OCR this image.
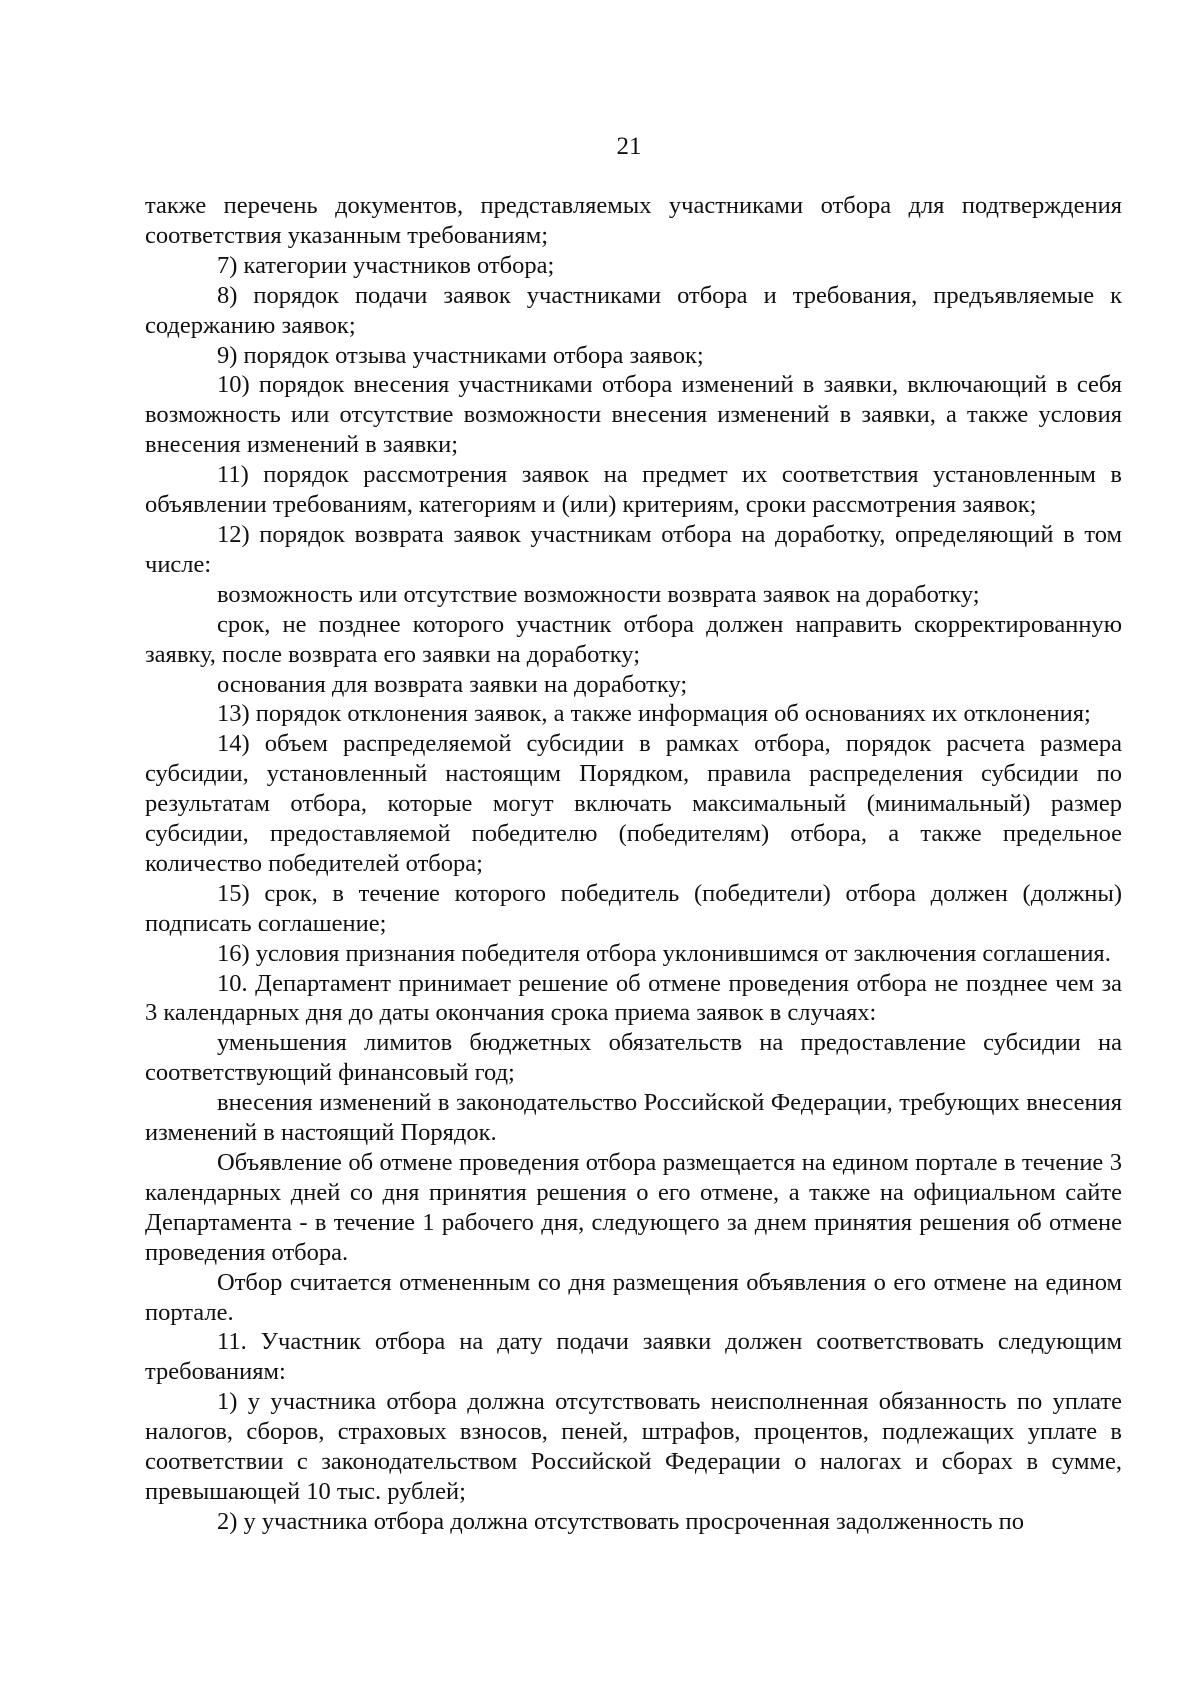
21

также перечень документов, представляемых участниками отбора для подтверждения соответствия указанным требованиям;

7) категории участников отбора;

8) порядок подачи заявок участниками отбора и требования, предъявляемые к содержанию заявок;

9) порядок отзыва участниками отбора заявок;

10) порядок внесения участниками отбора изменений в заявки, включающий в себя возможность или отсутствие возможности внесения изменений в заявки, а также условия внесения изменений в заявки;

11) порядок рассмотрения заявок на предмет их соответствия установленным в объявлении требованиям, категориям и (или) критериям, сроки рассмотрения заявок;

12) порядок возврата заявок участникам отбора на доработку, определяющий в том числе:

возможность или отсутствие возможности возврата заявок на доработку;

срок, не позднее которого участник отбора должен направить скорректированную заявку, после возврата его заявки на доработку;

основания для возврата заявки на доработку;

13) порядок отклонения заявок, а также информация об основаниях их отклонения;

14) объем распределяемой субсидии в рамках отбора, порядок расчета размера субсидии, установленный настоящим Порядком, правила распределения субсидии по результатам отбора, которые могут включать максимальный (минимальный) размер субсидии, предоставляемой победителю (победителям) отбора, а также предельное количество победителей отбора;

15) срок, в течение которого победитель (победители) отбора должен (должны) подписать соглашение;

16) условия признания победителя отбора уклонившимся от заключения соглашения.

10. Департамент принимает решение об отмене проведения отбора не позднее чем за 3 календарных дня до даты окончания срока приема заявок в случаях:

уменьшения лимитов бюджетных обязательств на предоставление субсидии на соответствующий финансовый год;

внесения изменений в законодательство Российской Федерации, требующих внесения изменений в настоящий Порядок.

Объявление об отмене проведения отбора размещается на едином портале в течение 3 календарных дней со дня принятия решения о его отмене, а также на официальном сайте Департамента - в течение 1 рабочего дня, следующего за днем принятия решения об отмене проведения отбора.

Отбор считается отмененным со дня размещения объявления о его отмене на едином портале.

11. Участник отбора на дату подачи заявки должен соответствовать следующим требованиям:

1) у участника отбора должна отсутствовать неисполненная обязанность по уплате налогов, сборов, страховых взносов, пеней, штрафов, процентов, подлежащих уплате в соответствии с законодательством Российской Федерации о налогах и сборах в сумме, превышающей 10 тыс. рублей;

2) у участника отбора должна отсутствовать просроченная задолженность по
